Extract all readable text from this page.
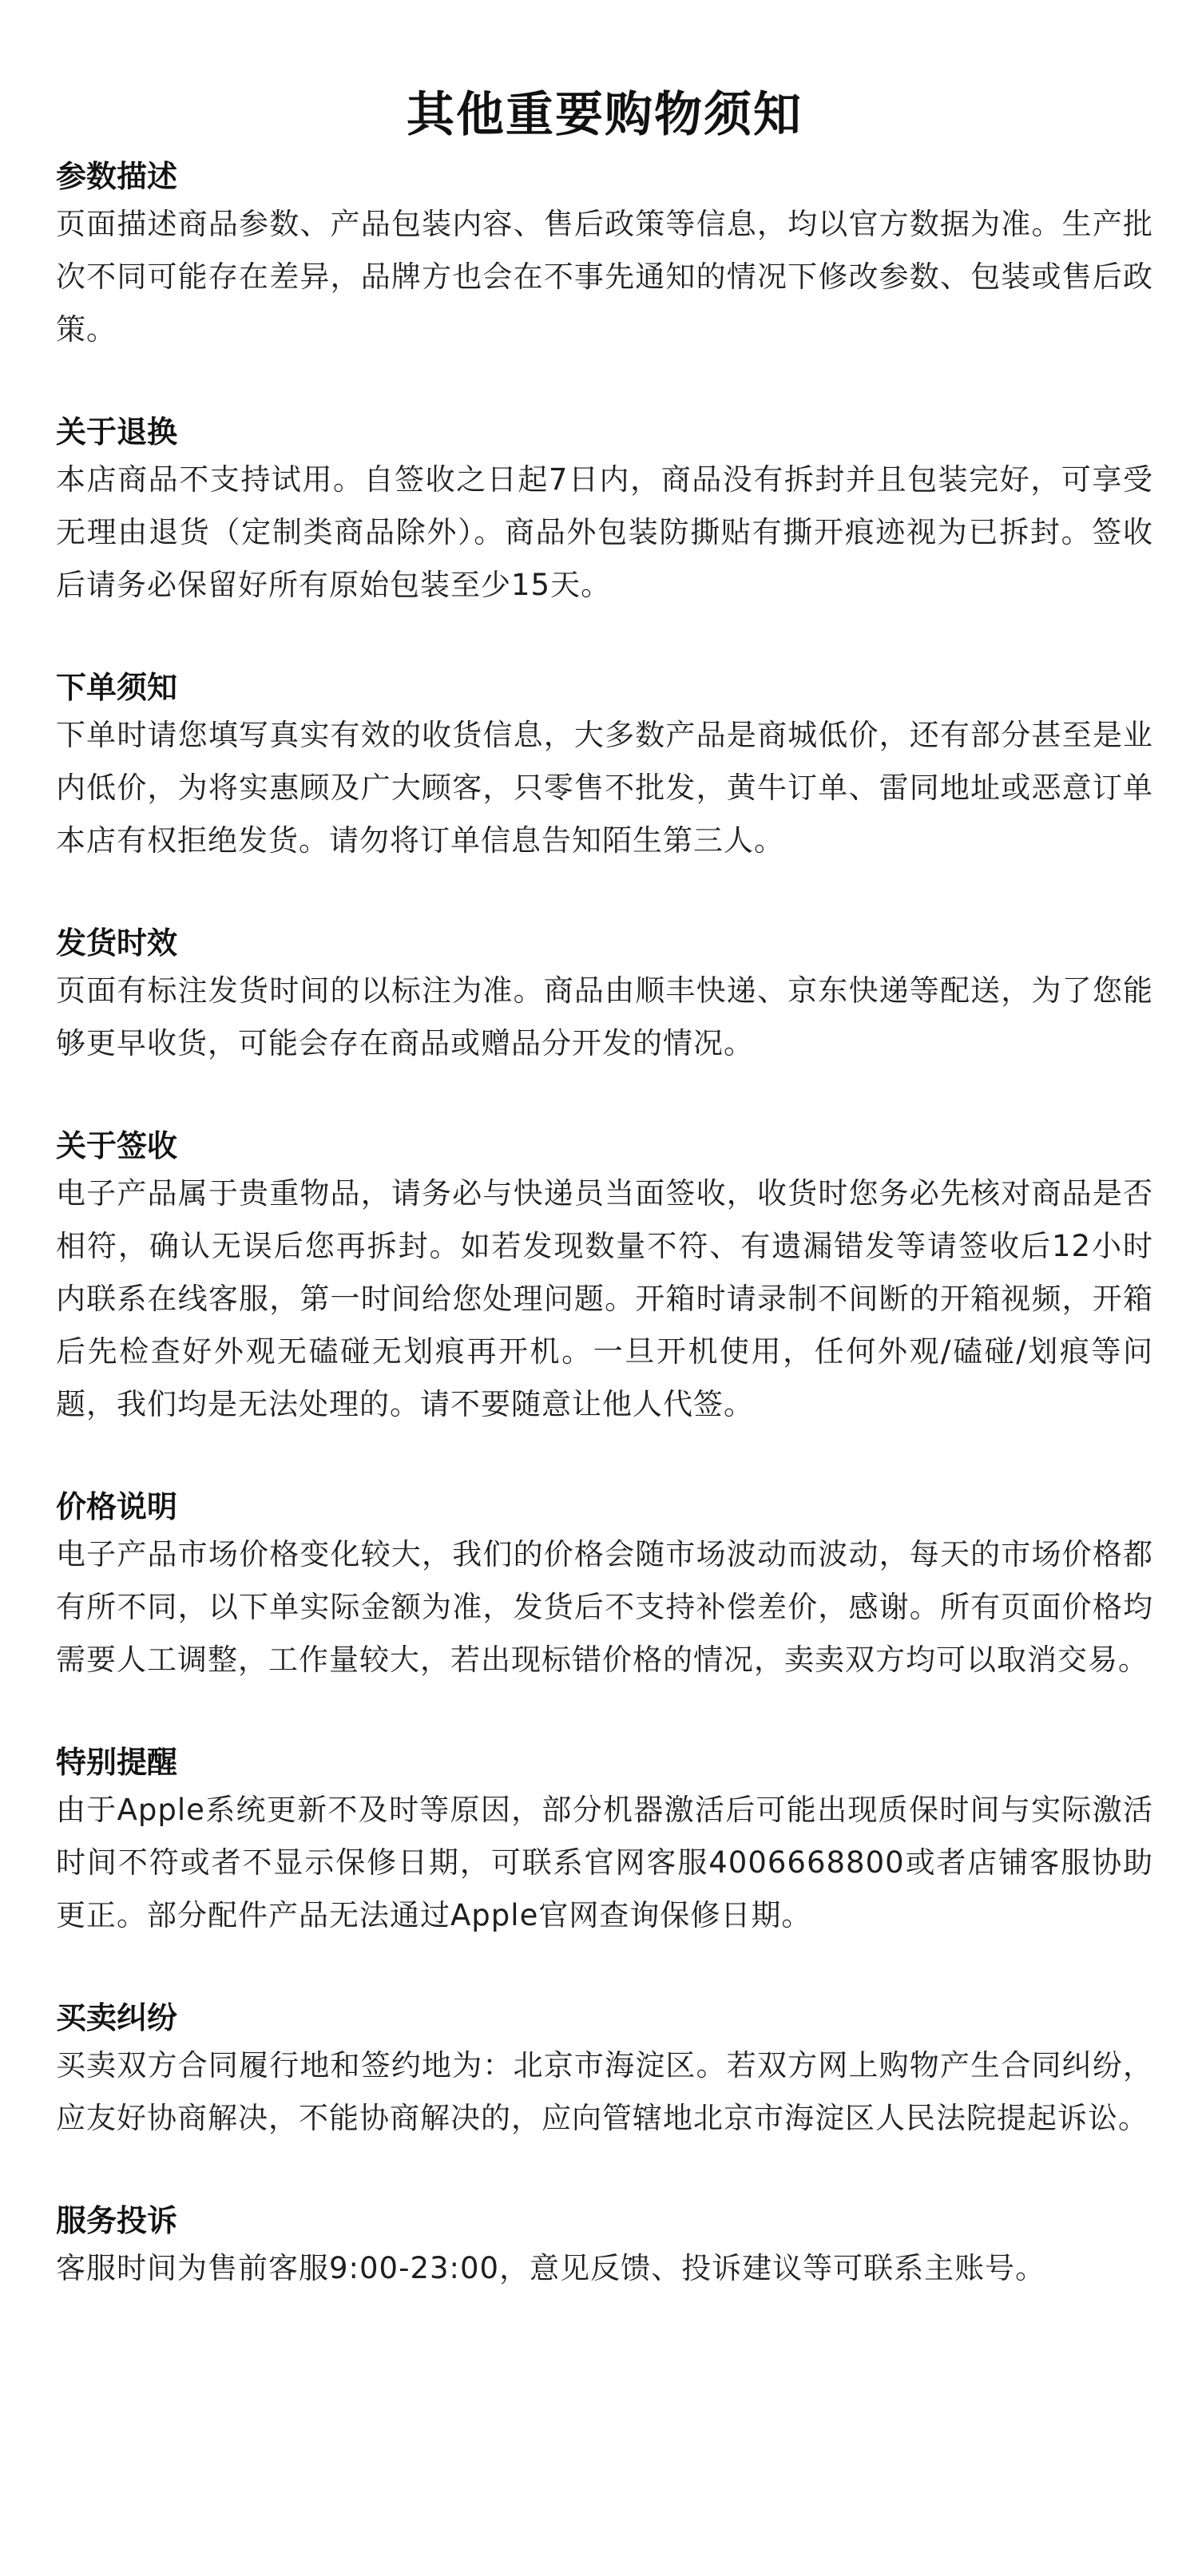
其他重要购物须知
参数描述

页面描述商品参数、产品包装内容、售后政策等信息，均以官方数据为准。生产批次不同可能存在差异，品牌方也会在不事先通知的情况下修改参数、包装或售后政策。

关于退换

本店商品不支持试用。自签收之日起7日内，商品没有拆封并且包装完好，可享受无理由退货（定制类商品除外）。商品外包装防撕贴有撕开痕迹视为已拆封。签收后请务必保留好所有原始包装至少15天。

下单须知

下单时请您填写真实有效的收货信息，大多数产品是商城低价，还有部分甚至是业内低价，为将实惠顾及广大顾客，只零售不批发，黄牛订单、雷同地址或恶意订单本店有权拒绝发货。请勿将订单信息告知陌生第三人。

发货时效

页面有标注发货时间的以标注为准。商品由顺丰快递、京东快递等配送，为了您能够更早收货，可能会存在商品或赠品分开发的情况。

关于签收

电子产品属于贵重物品，请务必与快递员当面签收，收货时您务必先核对商品是否相符，确认无误后您再拆封。如若发现数量不符、有遗漏错发等请签收后12小时内联系在线客服，第一时间给您处理问题。开箱时请录制不间断的开箱视频，开箱后先检查好外观无磕碰无划痕再开机。一旦开机使用，任何外观/磕碰/划痕等问题，我们均是无法处理的。请不要随意让他人代签。

价格说明

电子产品市场价格变化较大，我们的价格会随市场波动而波动，每天的市场价格都有所不同，以下单实际金额为准，发货后不支持补偿差价，感谢。所有页面价格均需要人工调整，工作量较大，若出现标错价格的情况，卖卖双方均可以取消交易。

特别提醒

由于Apple系统更新不及时等原因，部分机器激活后可能出现质保时间与实际激活时间不符或者不显示保修日期，可联系官网客服4006668800或者店铺客服协助更正。部分配件产品无法通过Apple官网查询保修日期。

买卖纠纷

买卖双方合同履行地和签约地为：北京市海淀区。若双方网上购物产生合同纠纷，应友好协商解决，不能协商解决的，应向管辖地北京市海淀区人民法院提起诉讼。

服务投诉

客服时间为售前客服9:00-23:00，意见反馈、投诉建议等可联系主账号。
